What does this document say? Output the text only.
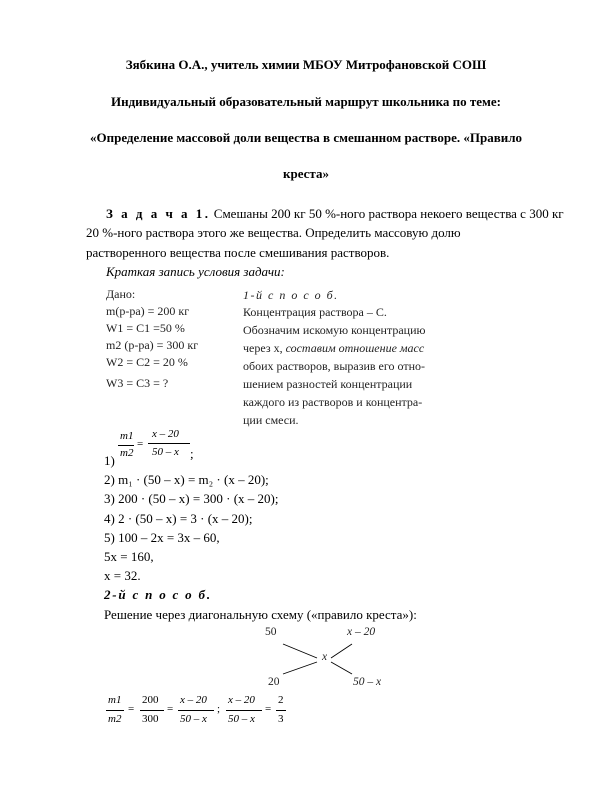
Зябкина О.А., учитель химии МБОУ Митрофановской СОШ
Индивидуальный образовательный маршрут школьника по теме:
«Определение массовой доли вещества в смешанном растворе. «Правило
креста»
З а д а ч а 1. Смешаны 200 кг 50 %-ного раствора некоего вещества с 300 кг
20 %-ного раствора этого же вещества. Определить массовую долю
растворенного вещества после смешивания растворов.
Краткая запись условия задачи:
Дано:
m(р-ра) = 200 кг
W1 = C1 =50 %
m2 (р-ра) = 300 кг
W2 = C2 = 20 %
W3 = C3 = ?
1-й с п о с о б.
Концентрация раствора – С.
Обозначим искомую концентрацию
через x, составим отношение масс
обоих растворов, выразив его отно-
шением разностей концентрации
каждого из растворов и концентра-
ции смеси.
m1
m2
=
x – 20
50 – x
1)	;
2) m₁ · (50 – x) = m₂ · (x – 20);
3) 200 · (50 – x) = 300 · (x – 20);
4) 2 · (50 – x) = 3 · (x – 20);
5) 100 – 2x = 3x – 60,
5x = 160,
x = 32.
2-й с п о с о б.
Решение через диагональную схему («правило креста»):
50	x – 20
x
20	50 – x
m1
m2
=
200
300
=
x – 20
50 – x
;
x – 20
50 – x
=
2
3
